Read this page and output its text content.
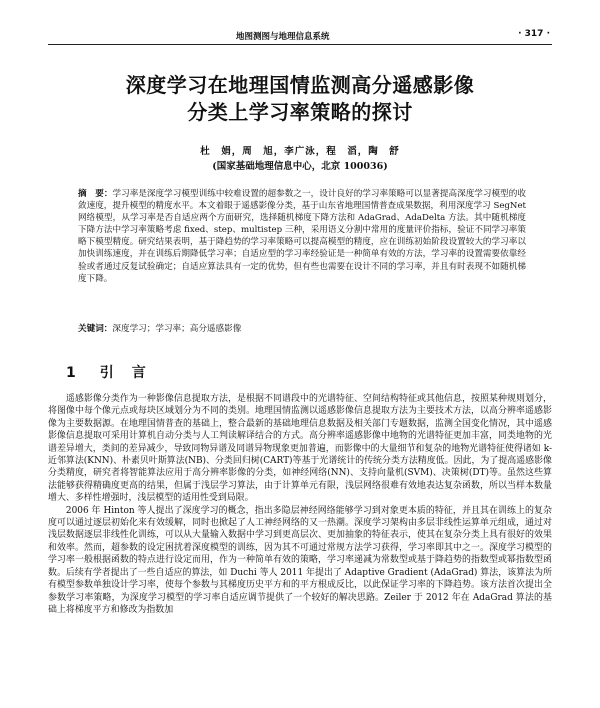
地图测图与地理信息系统	· 317 ·
深度学习在地理国情监测高分遥感影像
分类上学习率策略的探讨
杜　娟，周　旭，李广泳，程　滔，陶　舒
(国家基础地理信息中心，北京 100036)
摘　要：学习率是深度学习模型训练中较难设置的超参数之一，设计良好的学习率策略可以显著提高深度学习模型的收敛速度，提升模型的精度水平。本文着眼于遥感影像分类，基于山东省地理国情普查成果数据，利用深度学习 SegNet 网络模型，从学习率是否自适应两个方面研究，选择随机梯度下降方法和 AdaGrad、AdaDelta 方法。其中随机梯度下降方法中学习率策略考虑 fixed、step、multistep 三种，采用语义分割中常用的度量评价指标，验证不同学习率策略下模型精度。研究结果表明，基于降趋势的学习率策略可以提高模型的精度，应在训练初始阶段设置较大的学习率以加快训练速度，并在训练后期降低学习率；自适应型的学习率经验证是一种简单有效的方法，学习率的设置需要依靠经验或者通过反复试验确定；自适应算法具有一定的优势，但有些也需要在设计不同的学习率，并且有时表现不如随机梯度下降。
关键词：深度学习；学习率；高分遥感影像
1 引　言

遥感影像分类作为一种影像信息提取方法，是根据不同谱段中的光谱特征、空间结构特征或其他信息，按照某种规则划分，将图像中每个像元点或每块区域划分为不同的类别。地理国情监测以遥感影像信息提取方法为主要技术方法，以高分辨率遥感影像为主要数据源。在地理国情普查的基础上，整合最新的基础地理信息数据及相关部门专题数据，监测全国变化情况，其中遥感影像信息提取可采用计算机自动分类与人工判读解译结合的方式。高分辨率遥感影像中地物的光谱特征更加丰富，同类地物的光谱差异增大，类间的差异减少，导致同物异谱及同谱异物现象更加普遍，而影像中的大量细节和复杂的地物光谱特征使得诸如 k-近邻算法(KNN)、朴素贝叶斯算法(NB)、分类回归树(CART)等基于光谱统计的传统分类方法精度低。因此，为了提高遥感影像分类精度，研究者将智能算法应用于高分辨率影像的分类，如神经网络(NN)、支持向量机(SVM)、决策树(DT)等。虽然这些算法能够获得精确度更高的结果，但属于浅层学习算法，由于计算单元有限，浅层网络很难有效地表达复杂函数，所以当样本数量增大、多样性增强时，浅层模型的适用性受到局限。

2006 年 Hinton 等人提出了深度学习的概念，指出多隐层神经网络能够学习到对象更本质的特征，并且其在训练上的复杂度可以通过逐层初始化来有效缓解，同时也掀起了人工神经网络的又一热潮。深度学习架构由多层非线性运算单元组成，通过对浅层数据逐层非线性化训练，可以从大量输入数据中学习到更高层次、更加抽象的特征表示，使其在复杂分类上具有很好的效果和效率。然而，超参数的设定困扰着深度模型的训练，因为其不可通过常规方法学习获得，学习率即其中之一。深度学习模型的学习率一般根据函数的特点进行设定而用，作为一种简单有效的策略，学习率递减为常数型或基于降趋势的指数型或幂指数型函数。后续有学者提出了一些自适应的算法，如 Duchi 等人 2011 年提出了 Adaptive Gradient (AdaGrad) 算法，该算法为所有模型参数单独设计学习率，使每个参数与其梯度历史平方和的平方根成反比，以此保证学习率的下降趋势。该方法首次提出全参数学习率策略，为深度学习模型的学习率自适应调节提供了一个较好的解决思路。Zeiler 于 2012 年在 AdaGrad 算法的基础上将梯度平方和修改为指数加
